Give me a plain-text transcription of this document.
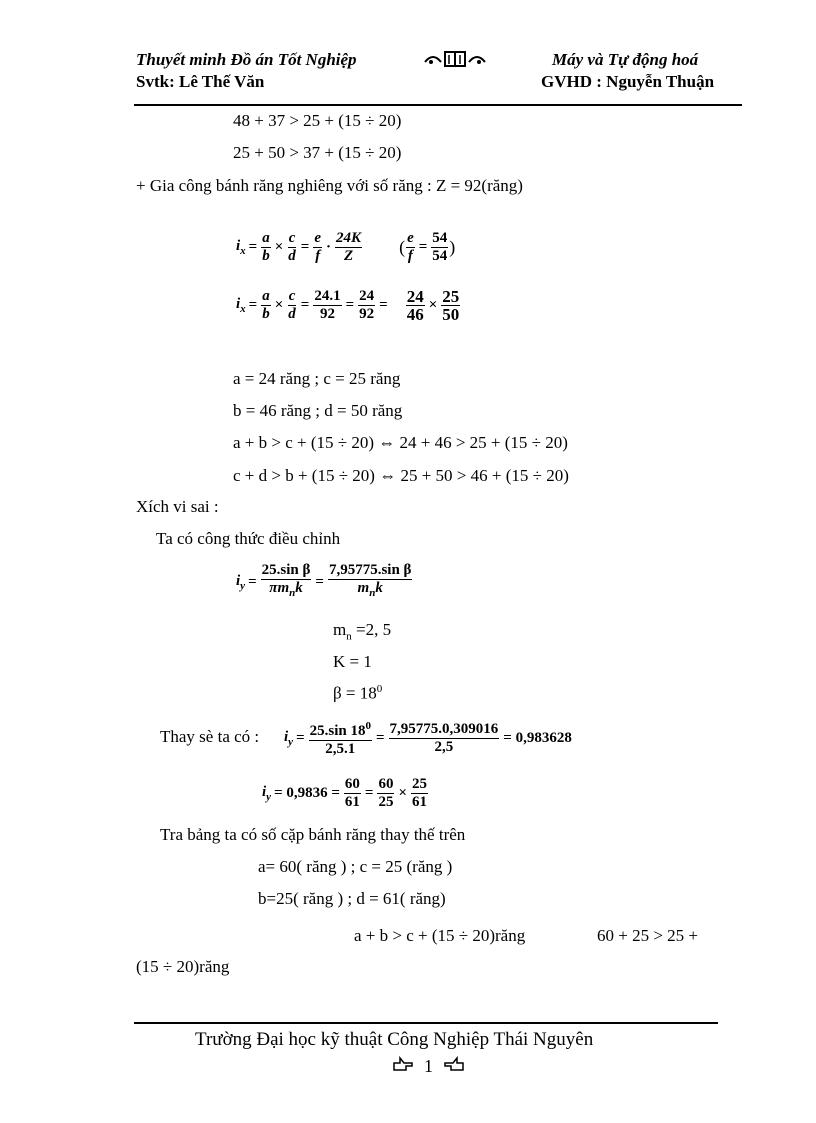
Thuyết minh Đồ án Tốt Nghiệp	Máy và Tự động hoá
Svtk: Lê Thế Văn	GVHD : Nguyễn Thuận
48 + 37 > 25 + (15 ÷ 20)
25 + 50 > 37 + (15 ÷ 20)
+ Gia công bánh răng nghiêng với số răng : Z = 92(răng)
$i_x = \frac{a}{b} \times \frac{c}{d} = \frac{e}{f} \cdot \frac{24K}{Z}$ ( $\frac{e}{f} = \frac{54}{54}$ )
$i_x = \frac{a}{b} \times \frac{c}{d} = \frac{24.1}{92} = \frac{24}{92} = \frac{24}{46} \times \frac{25}{50}$
a = 24 răng ; c = 25 răng
b = 46 răng ; d = 50 răng
a + b > c + (15 ÷ 20) ⇔ 24 + 46 > 25 + (15 ÷ 20)
c + d > b + (15 ÷ 20) ⇔ 25 + 50 > 46 + (15 ÷ 20)
Xích vi sai :
Ta có công thức điều chỉnh
$i_y = \frac{\text{25.sin β}}{\pi m_nk} = \frac{\text{7,95775.sin β}}{m_nk}$
$m_n =2$, 5
K = 1
$\beta = 18^0$
Thay sè ta có : $i_y = \frac{25.\sin 18^0}{2,5.1} = \frac{7,95775.0,309016}{2,5} = 0,983628$
$i_y = 0,9836 = \frac{60}{61} = \frac{60}{25} \times \frac{25}{61}$
Tra bảng ta có số cặp bánh răng thay thế trên
a= 60( răng ) ; c = 25 (răng )
b=25( răng ) ; d = 61( răng)
a + b > c + (15 ÷ 20)răng	60 + 25 > 25 +
(15 ÷ 20)răng
Trường Đại học kỹ thuật Công Nghiệp Thái Nguyên
1
